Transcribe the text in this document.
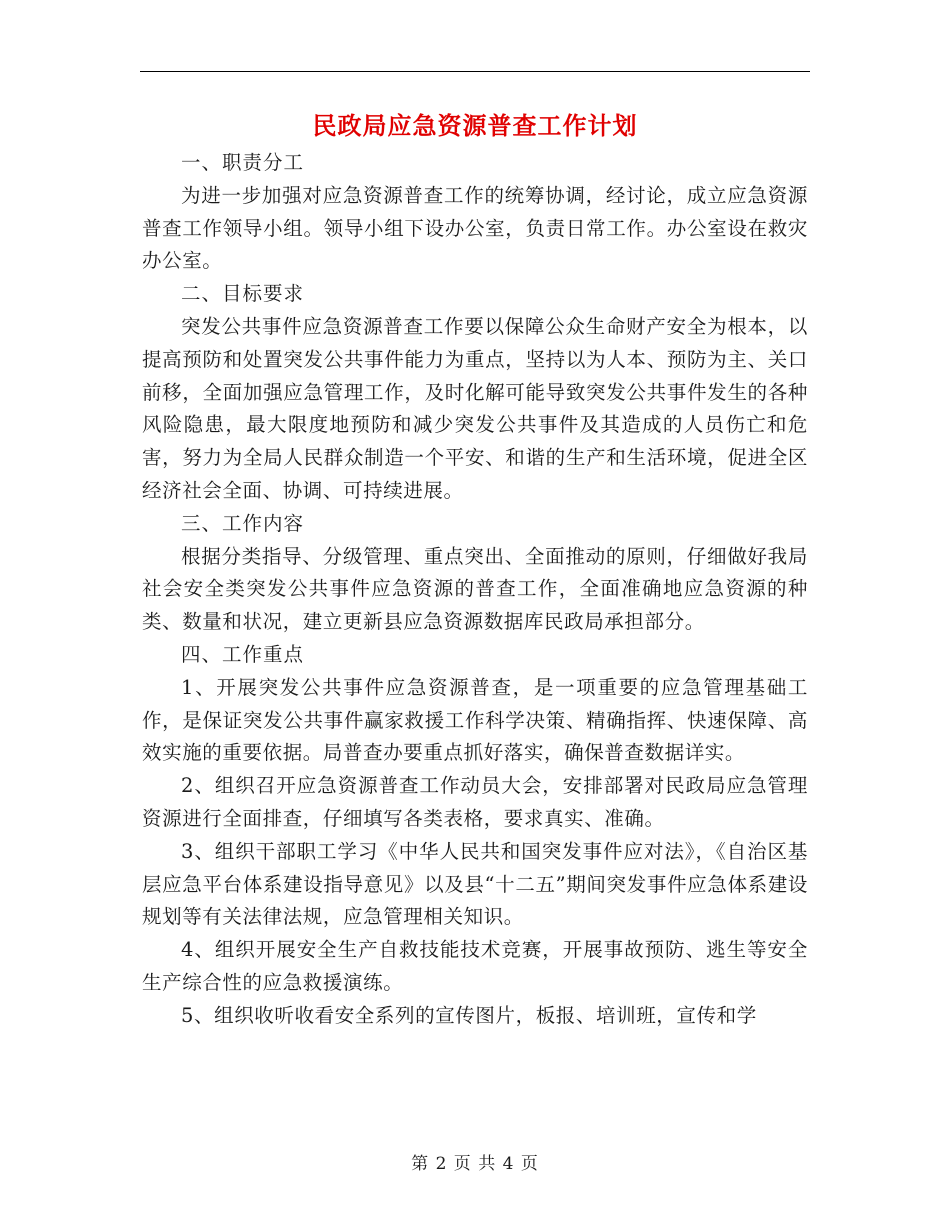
民政局应急资源普查工作计划

一、职责分工

为进一步加强对应急资源普查工作的统筹协调，经讨论，成立应急资源普查工作领导小组。领导小组下设办公室，负责日常工作。办公室设在救灾办公室。

二、目标要求

突发公共事件应急资源普查工作要以保障公众生命财产安全为根本，以提高预防和处置突发公共事件能力为重点，坚持以为人本、预防为主、关口前移，全面加强应急管理工作，及时化解可能导致突发公共事件发生的各种风险隐患，最大限度地预防和减少突发公共事件及其造成的人员伤亡和危害，努力为全局人民群众制造一个平安、和谐的生产和生活环境，促进全区经济社会全面、协调、可持续进展。

三、工作内容

根据分类指导、分级管理、重点突出、全面推动的原则，仔细做好我局社会安全类突发公共事件应急资源的普查工作，全面准确地应急资源的种类、数量和状况，建立更新县应急资源数据库民政局承担部分。

四、工作重点

1、开展突发公共事件应急资源普查，是一项重要的应急管理基础工作，是保证突发公共事件赢家救援工作科学决策、精确指挥、快速保障、高效实施的重要依据。局普查办要重点抓好落实，确保普查数据详实。

2、组织召开应急资源普查工作动员大会，安排部署对民政局应急管理资源进行全面排查，仔细填写各类表格，要求真实、准确。

3、组织干部职工学习《中华人民共和国突发事件应对法》，《自治区基层应急平台体系建设指导意见》以及县“十二五”期间突发事件应急体系建设规划等有关法律法规，应急管理相关知识。

4、组织开展安全生产自救技能技术竞赛，开展事故预防、逃生等安全生产综合性的应急救援演练。

5、组织收听收看安全系列的宣传图片，板报、培训班，宣传和学

第 2 页 共 4 页
